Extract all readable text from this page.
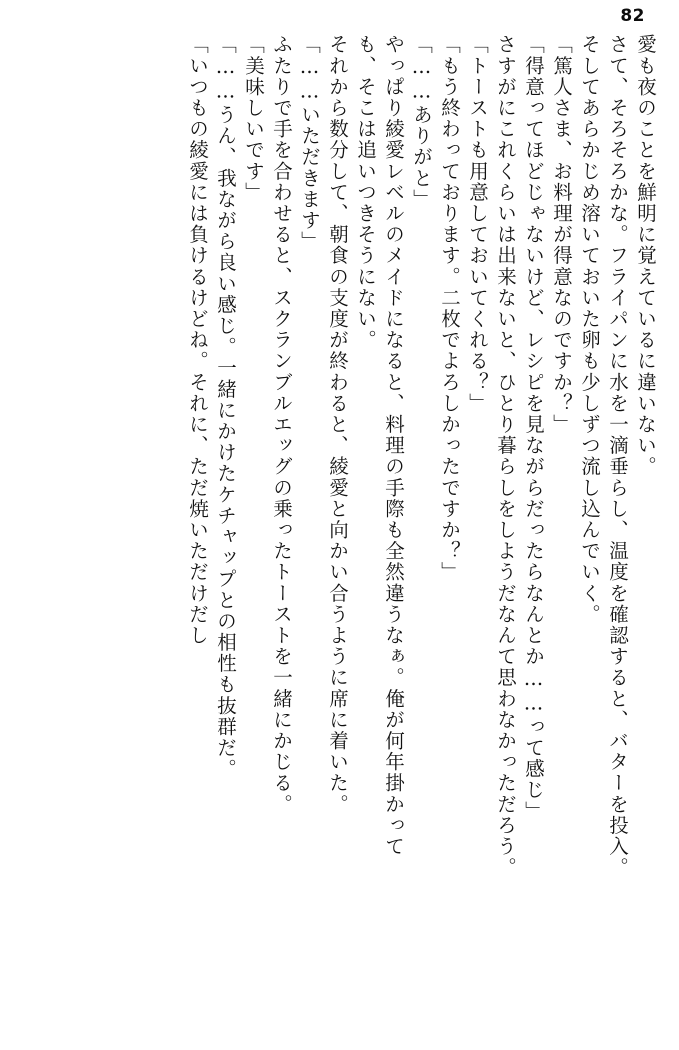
82
愛も夜のことを鮮明に覚えているに違いない。
さて、そろそろかな。フライパンに水を一滴垂らし、温度を確認すると、バターを投入。
そしてあらかじめ溶いておいた卵も少しずつ流し込んでいく。
「篤人さま、お料理が得意なのですか？」
「得意ってほどじゃないけど、レシピを見ながらだったらなんとか……って感じ」
さすがにこれくらいは出来ないと、ひとり暮らしをしようだなんて思わなかっただろう。
「トーストも用意しておいてくれる？」
「もう終わっております。二枚でよろしかったですか？」
「……ありがと」
やっぱり綾愛レベルのメイドになると、料理の手際も全然違うなぁ。俺が何年掛かって
も、そこは追いつきそうにない。
それから数分して、朝食の支度が終わると、綾愛と向かい合うように席に着いた。
「……いただきます」
ふたりで手を合わせると、スクランブルエッグの乗ったトーストを一緒にかじる。
「美味しいです」
「……うん、我ながら良い感じ。一緒にかけたケチャップとの相性も抜群だ。
「いつもの綾愛には負けるけどね。それに、ただ焼いただけだし
